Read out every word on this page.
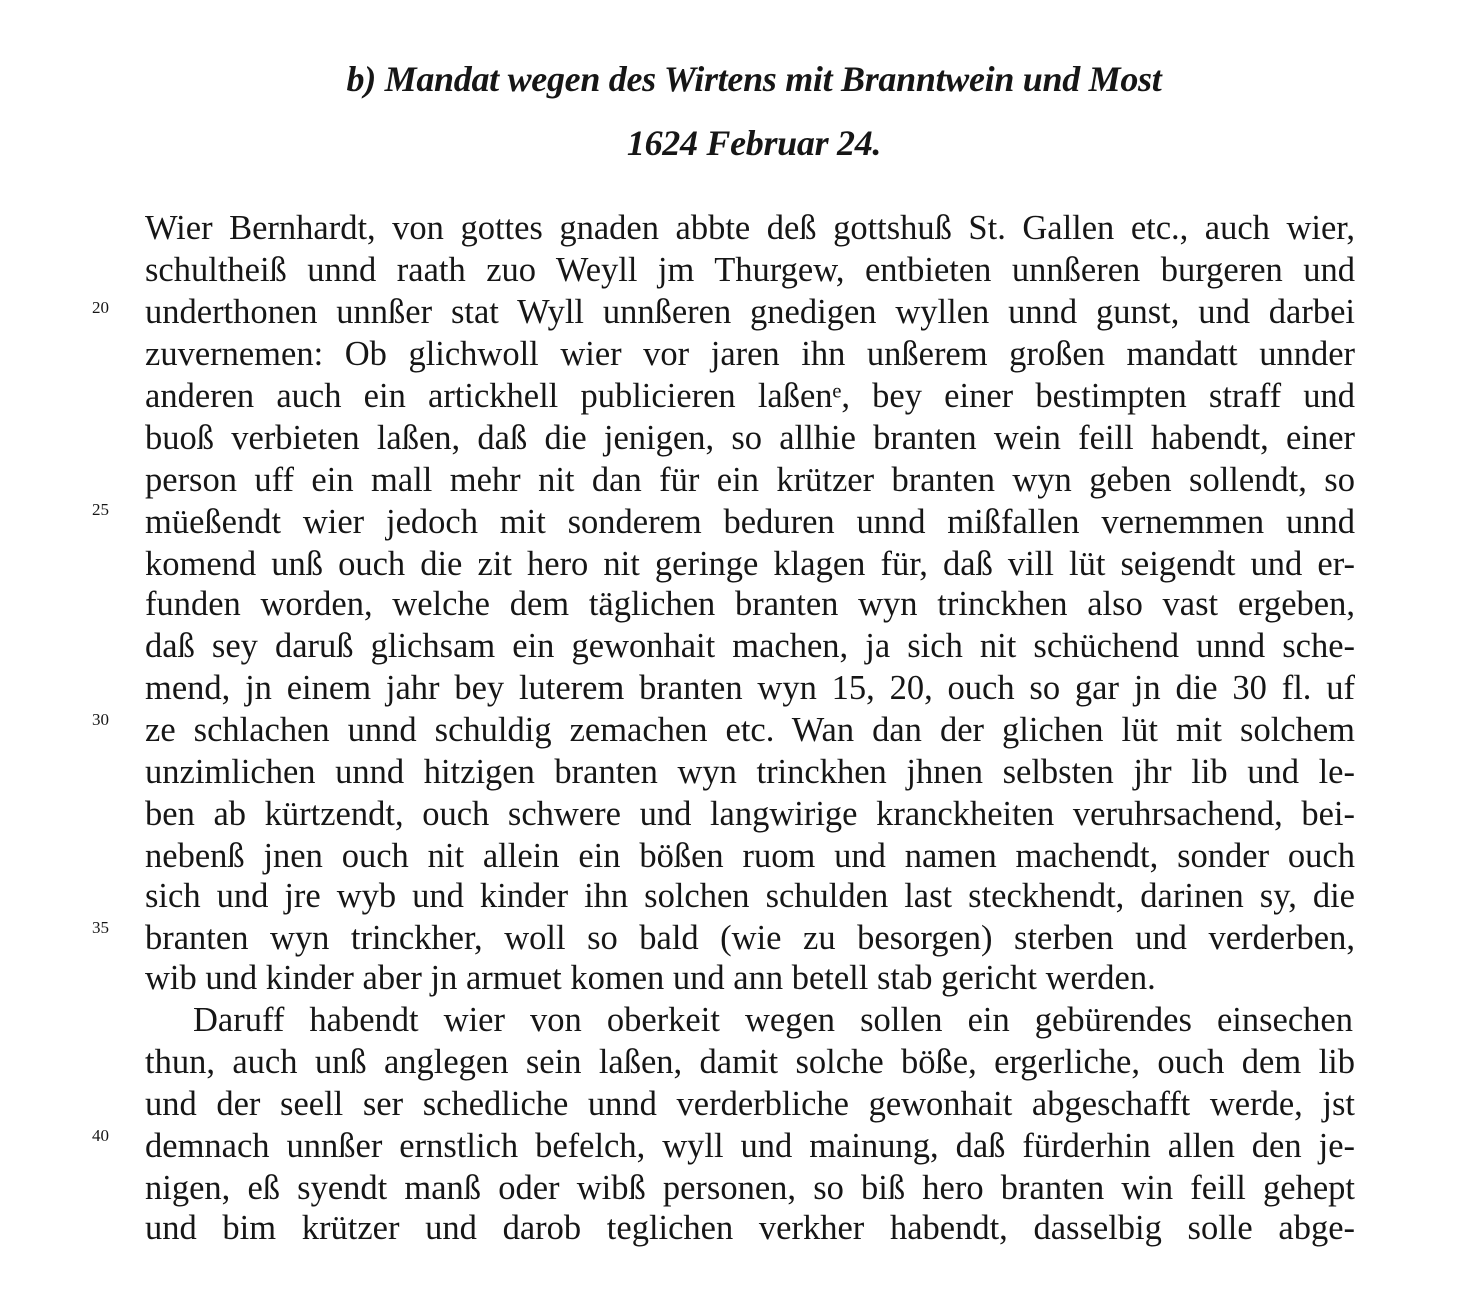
b) Mandat wegen des Wirtens mit Branntwein und Most
1624 Februar 24.
Wier Bernhardt, von gottes gnaden abbte deß gottshuß St. Gallen etc., auch wier,
schultheiß unnd raath zuo Weyll jm Thurgew, entbieten unnßeren burgeren und
underthonen unnßer stat Wyll unnßeren gnedigen wyllen unnd gunst, und darbei
zuvernemen: Ob glichwoll wier vor jaren ihn unßerem großen mandatt unnder
anderen auch ein artickhell publicieren laßenᵉ, bey einer bestimpten straff und
buoß verbieten laßen, daß die jenigen, so allhie branten wein feill habendt, einer
person uff ein mall mehr nit dan für ein krützer branten wyn geben sollendt, so
müeßendt wier jedoch mit sonderem beduren unnd mißfallen vernemmen unnd
komend unß ouch die zit hero nit geringe klagen für, daß vill lüt seigendt und er-
funden worden, welche dem täglichen branten wyn trinckhen also vast ergeben,
daß sey daruß glichsam ein gewonhait machen, ja sich nit schüchend unnd sche-
mend, jn einem jahr bey luterem branten wyn 15, 20, ouch so gar jn die 30 fl. uf
ze schlachen unnd schuldig zemachen etc. Wan dan der glichen lüt mit solchem
unzimlichen unnd hitzigen branten wyn trinckhen jhnen selbsten jhr lib und le-
ben ab kürtzendt, ouch schwere und langwirige kranckheiten veruhrsachend, bei-
nebenß jnen ouch nit allein ein bößen ruom und namen machendt, sonder ouch
sich und jre wyb und kinder ihn solchen schulden last steckhendt, darinen sy, die
branten wyn trinckher, woll so bald (wie zu besorgen) sterben und verderben,
wib und kinder aber jn armuet komen und ann betell stab gericht werden.
Daruff habendt wier von oberkeit wegen sollen ein gebürendes einsechen
thun, auch unß anglegen sein laßen, damit solche böße, ergerliche, ouch dem lib
und der seell ser schedliche unnd verderbliche gewonhait abgeschafft werde, jst
demnach unnßer ernstlich befelch, wyll und mainung, daß fürderhin allen den je-
nigen, eß syendt manß oder wibß personen, so biß hero branten win feill gehept
und bim krützer und darob teglichen verkher habendt, dasselbig solle abge-
20
25
30
35
40
